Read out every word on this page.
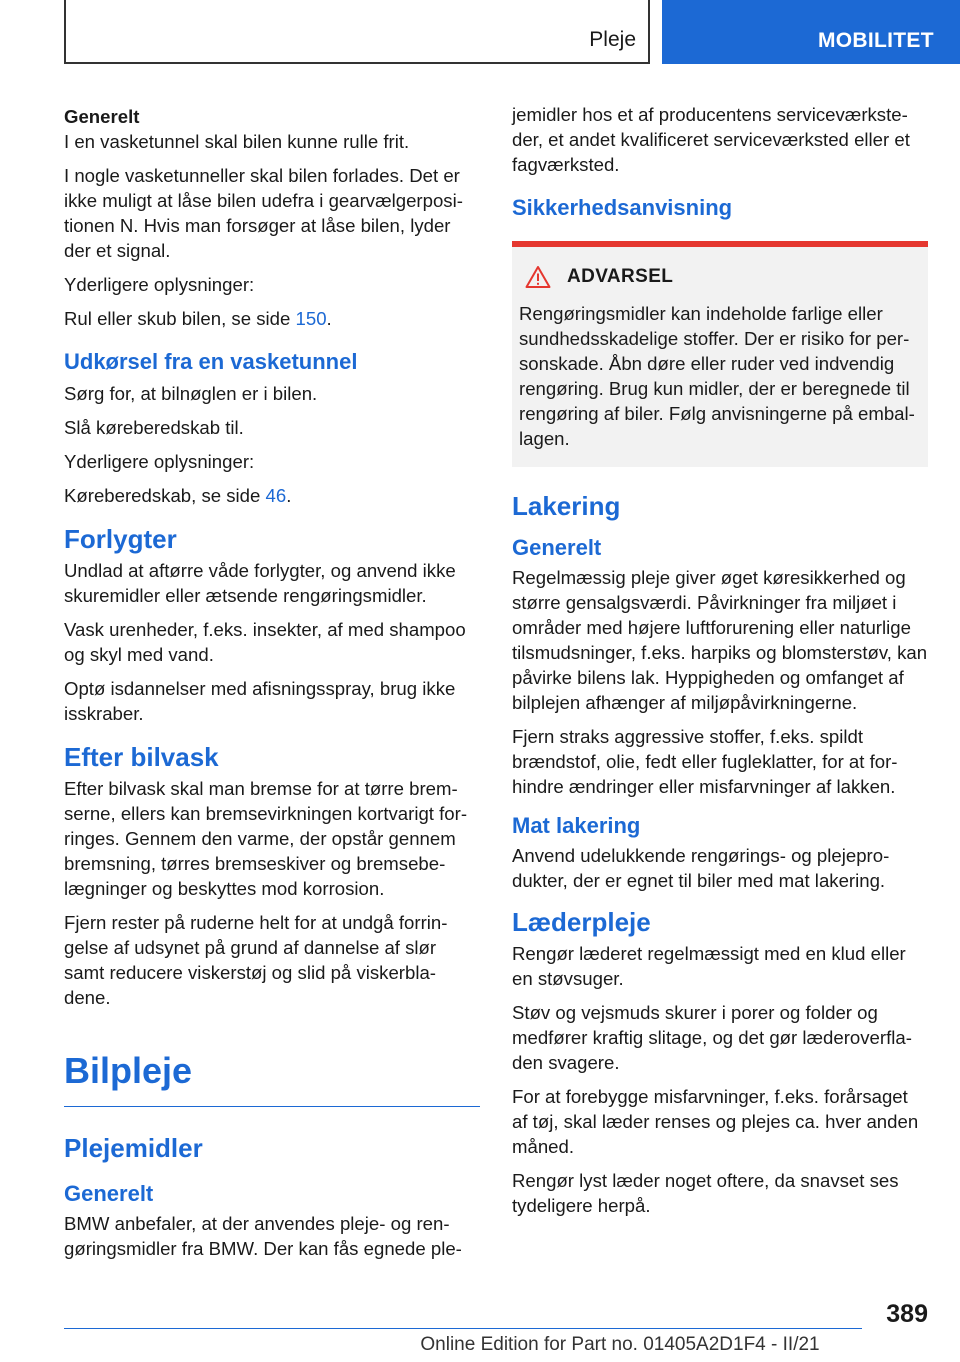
Pleje	MOBILITET
Generelt

I en vasketunnel skal bilen kunne rulle frit.

I nogle vasketunneller skal bilen forlades. Det er ikke muligt at låse bilen udefra i gearvælgerposi-tionen N. Hvis man forsøger at låse bilen, lyder der et signal.

Yderligere oplysninger:

Rul eller skub bilen, se side 150.

Udkørsel fra en vasketunnel

Sørg for, at bilnøglen er i bilen.

Slå køreberedskab til.

Yderligere oplysninger:

Køreberedskab, se side 46.

Forlygter

Undlad at aftørre våde forlygter, og anvend ikke skuremidler eller ætsende rengøringsmidler.

Vask urenheder, f.eks. insekter, af med shampoo og skyl med vand.

Optø isdannelser med afisningsspray, brug ikke isskraber.

Efter bilvask

Efter bilvask skal man bremse for at tørre brem-serne, ellers kan bremsevirkningen kortvarigt for-ringes. Gennem den varme, der opstår gennem bremsning, tørres bremseskiver og bremsebe-lægninger og beskyttes mod korrosion.

Fjern rester på ruderne helt for at undgå forrin-gelse af udsynet på grund af dannelse af slør samt reducere viskerstøj og slid på viskerbla-dene.

Bilpleje
Plejemidler
Generelt

BMW anbefaler, at der anvendes pleje- og ren-gøringsmidler fra BMW. Der kan fås egnede ple-

jemidler hos et af producentens serviceværkste-der, et andet kvalificeret serviceværksted eller et fagværksted.

Sikkerhedsanvisning
ADVARSEL

Rengøringsmidler kan indeholde farlige eller sundhedsskadelige stoffer. Der er risiko for per-sonskade. Åbn døre eller ruder ved indvendig rengøring. Brug kun midler, der er beregnede til rengøring af biler. Følg anvisningerne på embal-lagen.

Lakering
Generelt

Regelmæssig pleje giver øget køresikkerhed og større gensalgsværdi. Påvirkninger fra miljøet i områder med højere luftforurening eller naturlige tilsmudsninger, f.eks. harpiks og blomsterstøv, kan påvirke bilens lak. Hyppigheden og omfanget af bilplejen afhænger af miljøpåvirkningerne.

Fjern straks aggressive stoffer, f.eks. spildt brændstof, olie, fedt eller fugleklatter, for at for-hindre ændringer eller misfarvninger af lakken.

Mat lakering

Anvend udelukkende rengørings- og plejepro-dukter, der er egnet til biler med mat lakering.

Læderpleje

Rengør læderet regelmæssigt med en klud eller en støvsuger.

Støv og vejsmuds skurer i porer og folder og medfører kraftig slitage, og det gør læderoverfla-den svagere.

For at forebygge misfarvninger, f.eks. forårsaget af tøj, skal læder renses og plejes ca. hver anden måned.

Rengør lyst læder noget oftere, da snavset ses tydeligere herpå.

389
Online Edition for Part no. 01405A2D1F4 - II/21
